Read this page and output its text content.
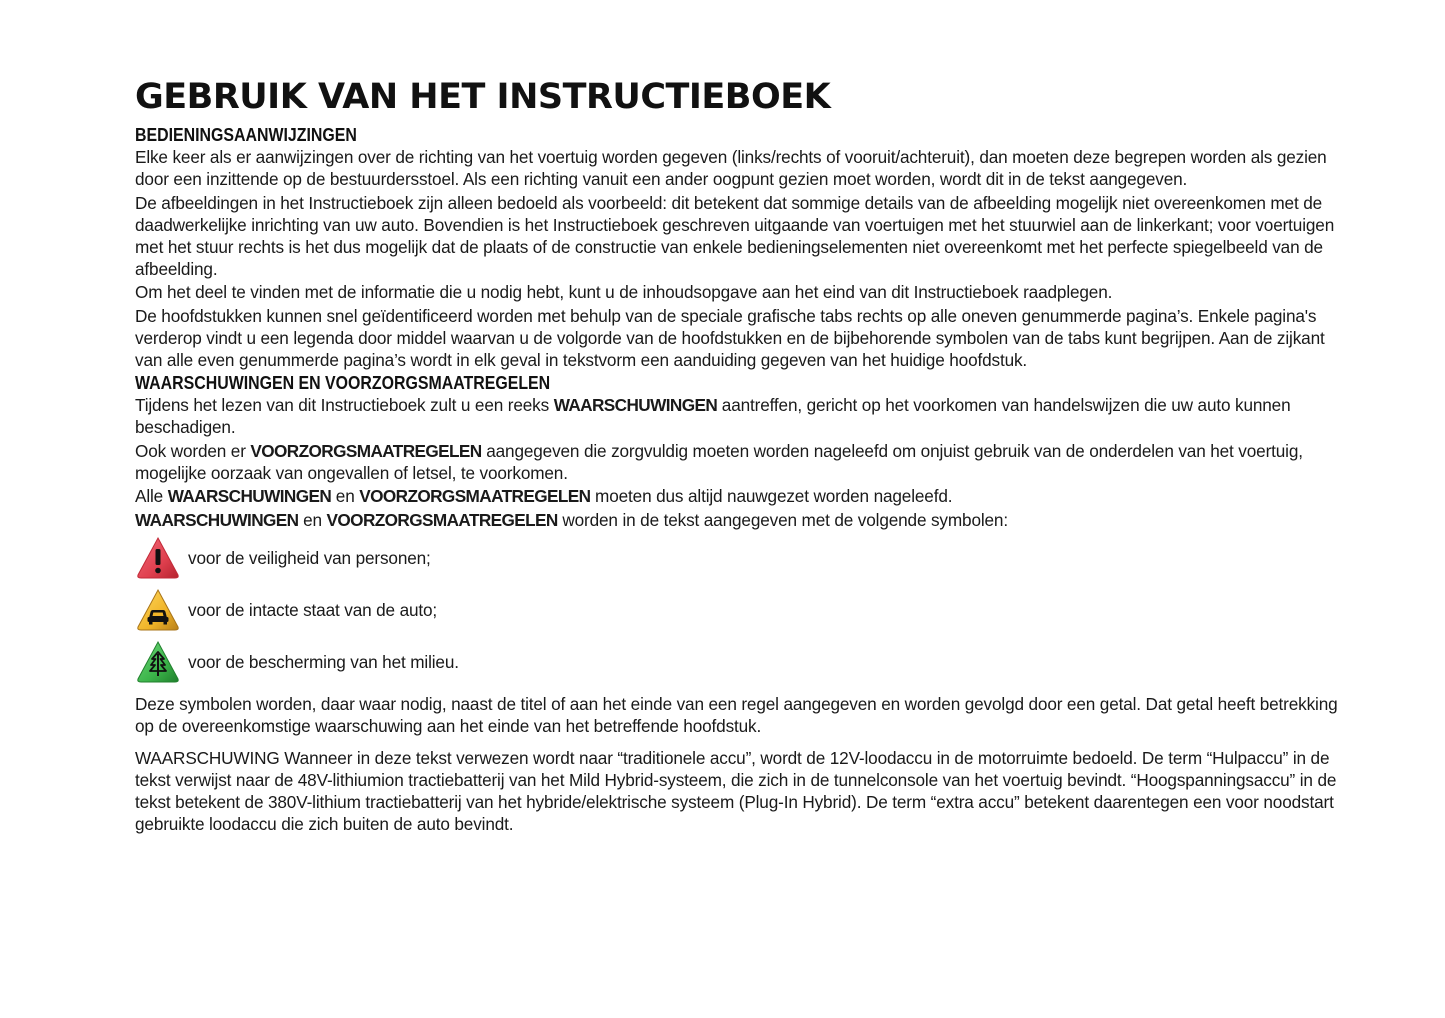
GEBRUIK VAN HET INSTRUCTIEBOEK
BEDIENINGSAANWIJZINGEN

Elke keer als er aanwijzingen over de richting van het voertuig worden gegeven (links/rechts of vooruit/achteruit), dan moeten deze begrepen worden als gezien door een inzittende op de bestuurdersstoel. Als een richting vanuit een ander oogpunt gezien moet worden, wordt dit in de tekst aangegeven.

De afbeeldingen in het Instructieboek zijn alleen bedoeld als voorbeeld: dit betekent dat sommige details van de afbeelding mogelijk niet overeenkomen met de daadwerkelijke inrichting van uw auto. Bovendien is het Instructieboek geschreven uitgaande van voertuigen met het stuurwiel aan de linkerkant; voor voertuigen met het stuur rechts is het dus mogelijk dat de plaats of de constructie van enkele bedieningselementen niet overeenkomt met het perfecte spiegelbeeld van de afbeelding.

Om het deel te vinden met de informatie die u nodig hebt, kunt u de inhoudsopgave aan het eind van dit Instructieboek raadplegen.

De hoofdstukken kunnen snel geïdentificeerd worden met behulp van de speciale grafische tabs rechts op alle oneven genummerde pagina’s. Enkele pagina's verderop vindt u een legenda door middel waarvan u de volgorde van de hoofdstukken en de bijbehorende symbolen van de tabs kunt begrijpen. Aan de zijkant van alle even genummerde pagina’s wordt in elk geval in tekstvorm een aanduiding gegeven van het huidige hoofdstuk.

WAARSCHUWINGEN EN VOORZORGSMAATREGELEN

Tijdens het lezen van dit Instructieboek zult u een reeks WAARSCHUWINGEN aantreffen, gericht op het voorkomen van handelswijzen die uw auto kunnen beschadigen.

Ook worden er VOORZORGSMAATREGELEN aangegeven die zorgvuldig moeten worden nageleefd om onjuist gebruik van de onderdelen van het voertuig, mogelijke oorzaak van ongevallen of letsel, te voorkomen.

Alle WAARSCHUWINGEN en VOORZORGSMAATREGELEN moeten dus altijd nauwgezet worden nageleefd.

WAARSCHUWINGEN en VOORZORGSMAATREGELEN worden in de tekst aangegeven met de volgende symbolen:

voor de veiligheid van personen;
voor de intacte staat van de auto;
voor de bescherming van het milieu.

Deze symbolen worden, daar waar nodig, naast de titel of aan het einde van een regel aangegeven en worden gevolgd door een getal. Dat getal heeft betrekking op de overeenkomstige waarschuwing aan het einde van het betreffende hoofdstuk.

WAARSCHUWING Wanneer in deze tekst verwezen wordt naar “traditionele accu”, wordt de 12V-loodaccu in de motorruimte bedoeld. De term “Hulpaccu” in de tekst verwijst naar de 48V-lithiumion tractiebatterij van het Mild Hybrid-systeem, die zich in de tunnelconsole van het voertuig bevindt. “Hoogspanningsaccu” in de tekst betekent de 380V-lithium tractiebatterij van het hybride/elektrische systeem (Plug-In Hybrid). De term “extra accu” betekent daarentegen een voor noodstart gebruikte loodaccu die zich buiten de auto bevindt.
